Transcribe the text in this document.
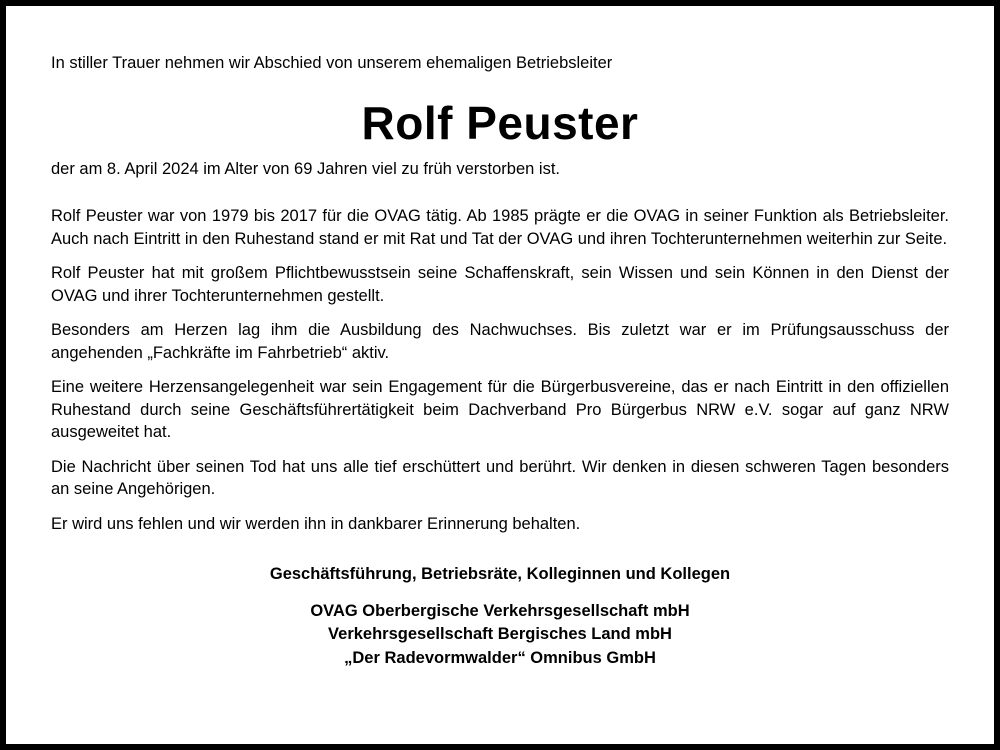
In stiller Trauer nehmen wir Abschied von unserem ehemaligen Betriebsleiter

Rolf Peuster

der am 8. April 2024 im Alter von 69 Jahren viel zu früh verstorben ist.

Rolf Peuster war von 1979 bis 2017 für die OVAG tätig. Ab 1985 prägte er die OVAG in seiner Funktion als Betriebsleiter. Auch nach Eintritt in den Ruhestand stand er mit Rat und Tat der OVAG und ihren Tochterunternehmen weiterhin zur Seite.

Rolf Peuster hat mit großem Pflichtbewusstsein seine Schaffenskraft, sein Wissen und sein Können in den Dienst der OVAG und ihrer Tochterunternehmen gestellt.

Besonders am Herzen lag ihm die Ausbildung des Nachwuchses. Bis zuletzt war er im Prüfungsausschuss der angehenden „Fachkräfte im Fahrbetrieb“ aktiv.

Eine weitere Herzensangelegenheit war sein Engagement für die Bürgerbusvereine, das er nach Eintritt in den offiziellen Ruhestand durch seine Geschäftsführertätigkeit beim Dachverband Pro Bürgerbus NRW e.V. sogar auf ganz NRW ausgeweitet hat.

Die Nachricht über seinen Tod hat uns alle tief erschüttert und berührt. Wir denken in diesen schweren Tagen besonders an seine Angehörigen.

Er wird uns fehlen und wir werden ihn in dankbarer Erinnerung behalten.

Geschäftsführung, Betriebsräte, Kolleginnen und Kollegen
OVAG Oberbergische Verkehrsgesellschaft mbH
Verkehrsgesellschaft Bergisches Land mbH
„Der Radevormwalder“ Omnibus GmbH
